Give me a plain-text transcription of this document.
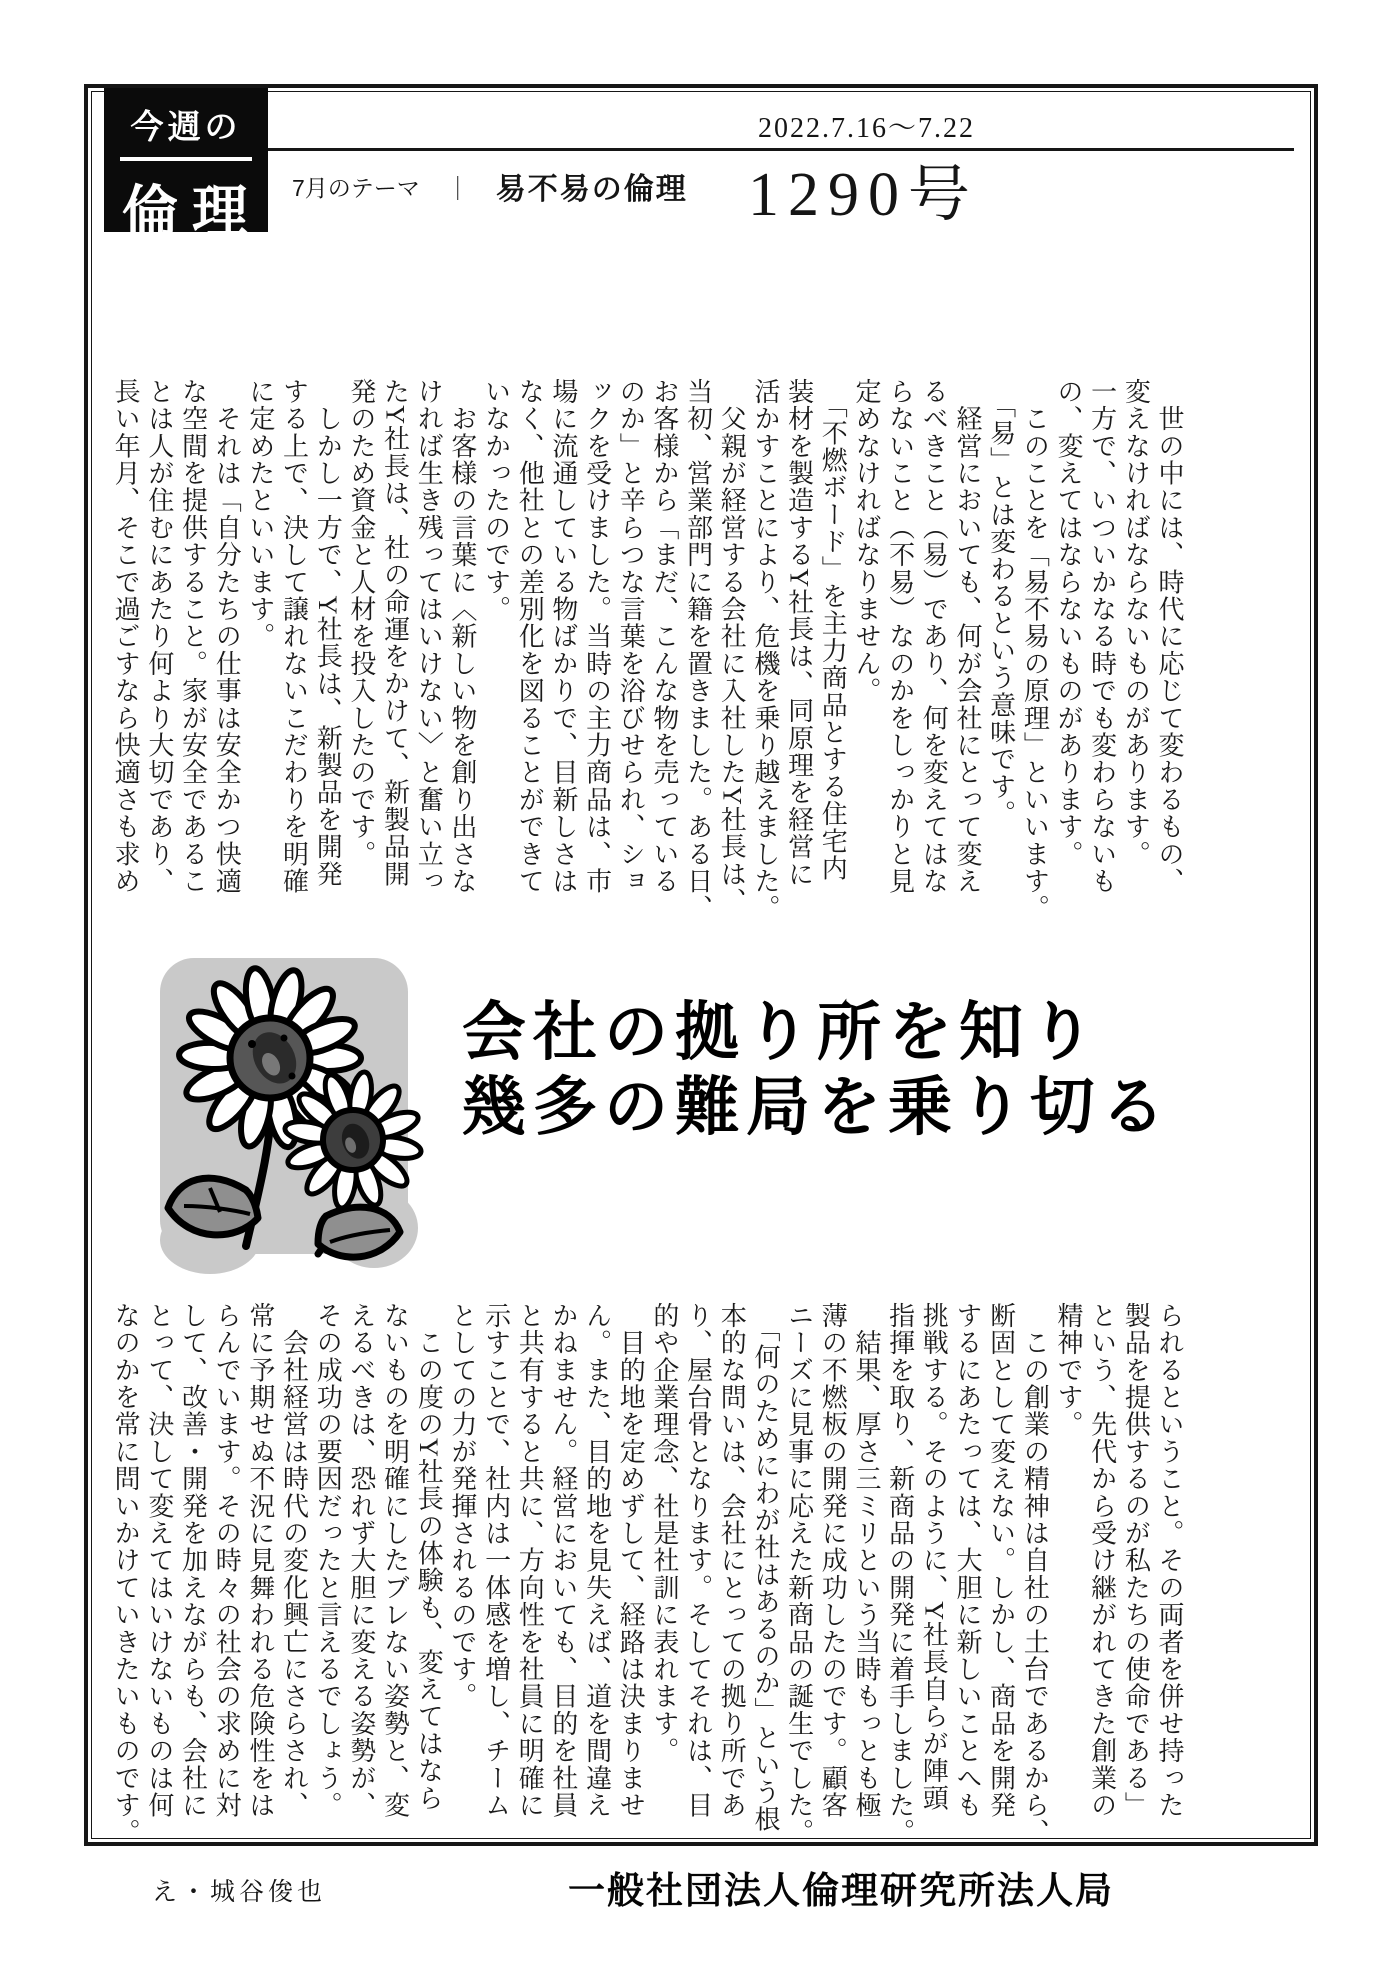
今週の
倫理
2022.7.16～7.22
7月のテーマ ｜ 易不易の倫理 1290号
　世の中には、時代に応じて変わるもの、
変えなければならないものがあります。
一方で、いついかなる時でも変わらないも
の、変えてはならないものがあります。
　このことを「易不易の原理」といいます。
　「易」とは変わるという意味です。
　経営においても、何が会社にとって変え
るべきこと（易）であり、何を変えてはな
らないこと（不易）なのかをしっかりと見
定めなければなりません。
　「不燃ボード」を主力商品とする住宅内
装材を製造するY社長は、同原理を経営に
活かすことにより、危機を乗り越えました。
　父親が経営する会社に入社したY社長は、
当初、営業部門に籍を置きました。ある日、
お客様から「まだ、こんな物を売っている
のか」と辛らつな言葉を浴びせられ、ショ
ックを受けました。当時の主力商品は、市
場に流通している物ばかりで、目新しさは
なく、他社との差別化を図ることができて
いなかったのです。
　お客様の言葉に〈新しい物を創り出さな
ければ生き残ってはいけない〉と奮い立っ
たY社長は、社の命運をかけて、新製品開
発のため資金と人材を投入したのです。
　しかし一方で、Y社長は、新製品を開発
する上で、決して譲れないこだわりを明確
に定めたといいます。
　それは「自分たちの仕事は安全かつ快適
な空間を提供すること。家が安全であるこ
とは人が住むにあたり何より大切であり、
長い年月、そこで過ごすなら快適さも求め
会社の拠り所を知り
幾多の難局を乗り切る
られるということ。その両者を併せ持った
製品を提供するのが私たちの使命である」
という、先代から受け継がれてきた創業の
精神です。
　この創業の精神は自社の土台であるから、
断固として変えない。しかし、商品を開発
するにあたっては、大胆に新しいことへも
挑戦する。そのように、Y社長自らが陣頭
指揮を取り、新商品の開発に着手しました。
　結果、厚さ三ミリという当時もっとも極
薄の不燃板の開発に成功したのです。顧客
ニーズに見事に応えた新商品の誕生でした。
　「何のためにわが社はあるのか」という根
本的な問いは、会社にとっての拠り所であ
り、屋台骨となります。そしてそれは、目
的や企業理念、社是社訓に表れます。
　目的地を定めずして、経路は決まりませ
ん。また、目的地を見失えば、道を間違え
かねません。経営においても、目的を社員
と共有すると共に、方向性を社員に明確に
示すことで、社内は一体感を増し、チーム
としての力が発揮されるのです。
　この度のY社長の体験も、変えてはなら
ないものを明確にしたブレない姿勢と、変
えるべきは、恐れず大胆に変える姿勢が、
その成功の要因だったと言えるでしょう。
　会社経営は時代の変化興亡にさらされ、
常に予期せぬ不況に見舞われる危険性をは
らんでいます。その時々の社会の求めに対
して、改善・開発を加えながらも、会社に
とって、決して変えてはいけないものは何
なのかを常に問いかけていきたいものです。
え・城谷俊也	一般社団法人倫理研究所法人局
